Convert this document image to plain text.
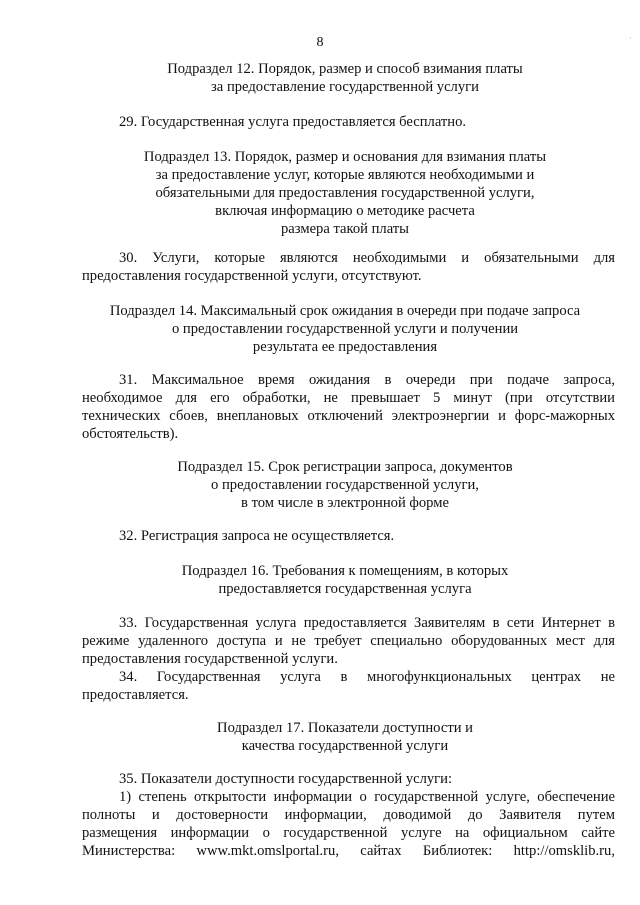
8	·
Подраздел 12. Порядок, размер и способ взимания платы
за предоставление государственной услуги
29. Государственная услуга предоставляется бесплатно.
Подраздел 13. Порядок, размер и основания для взимания платы
за предоставление услуг, которые являются необходимыми и
обязательными для предоставления государственной услуги,
включая информацию о методике расчета
размера такой платы
30. Услуги, которые являются необходимыми и обязательными для
предоставления государственной услуги, отсутствуют.
Подраздел 14. Максимальный срок ожидания в очереди при подаче запроса
о предоставлении государственной услуги и получении
результата ее предоставления
31. Максимальное время ожидания в очереди при подаче запроса,
необходимое для его обработки, не превышает 5 минут (при отсутствии
технических сбоев, внеплановых отключений электроэнергии и форс-мажорных
обстоятельств).
Подраздел 15. Срок регистрации запроса, документов
о предоставлении государственной услуги,
в том числе в электронной форме
32. Регистрация запроса не осуществляется.
Подраздел 16. Требования к помещениям, в которых
предоставляется государственная услуга
33. Государственная услуга предоставляется Заявителям в сети Интернет в
режиме удаленного доступа и не требует специально оборудованных мест для
предоставления государственной услуги.
34. Государственная услуга в многофункциональных центрах не
предоставляется.
Подраздел 17. Показатели доступности и
качества государственной услуги
35. Показатели доступности государственной услуги:
1) степень открытости информации о государственной услуге, обеспечение
полноты и достоверности информации, доводимой до Заявителя путем
размещения информации о государственной услуге на официальном сайте
Министерства: www.mkt.omslportal.ru, сайтах Библиотек: http://omsklib.ru,
